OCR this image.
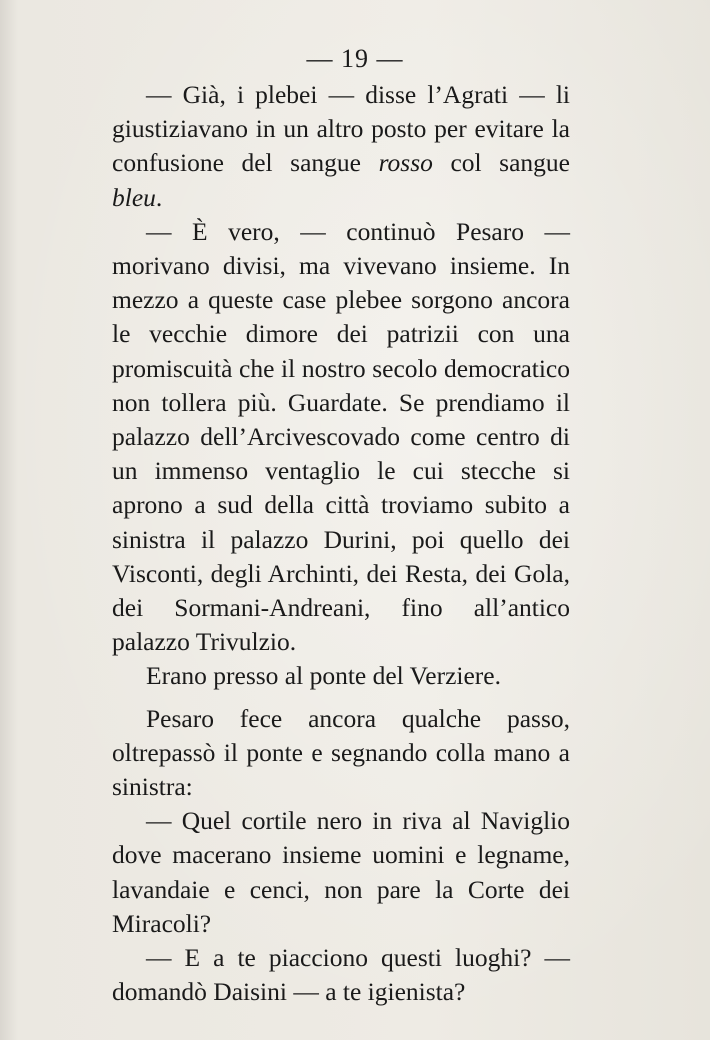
— 19 —

— Già, i plebei — disse l’Agrati — li giustiziavano in un altro posto per evitare la confusione del sangue rosso col sangue bleu.

— È vero, — continuò Pesaro — morivano divisi, ma vivevano insieme. In mezzo a queste case plebee sorgono ancora le vecchie dimore dei patrizii con una promiscuità che il nostro secolo democratico non tollera più. Guardate. Se prendiamo il palazzo dell’Arcivescovado come centro di un immenso ventaglio le cui stecche si aprono a sud della città troviamo subito a sinistra il palazzo Durini, poi quello dei Visconti, degli Archinti, dei Resta, dei Gola, dei Sormani-Andreani, fino all’antico palazzo Trivulzio.

Erano presso al ponte del Verziere.

Pesaro fece ancora qualche passo, oltrepassò il ponte e segnando colla mano a sinistra:

— Quel cortile nero in riva al Naviglio dove macerano insieme uomini e legname, lavandaie e cenci, non pare la Corte dei Miracoli?

— E a te piacciono questi luoghi? — domandò Daisini — a te igienista?
